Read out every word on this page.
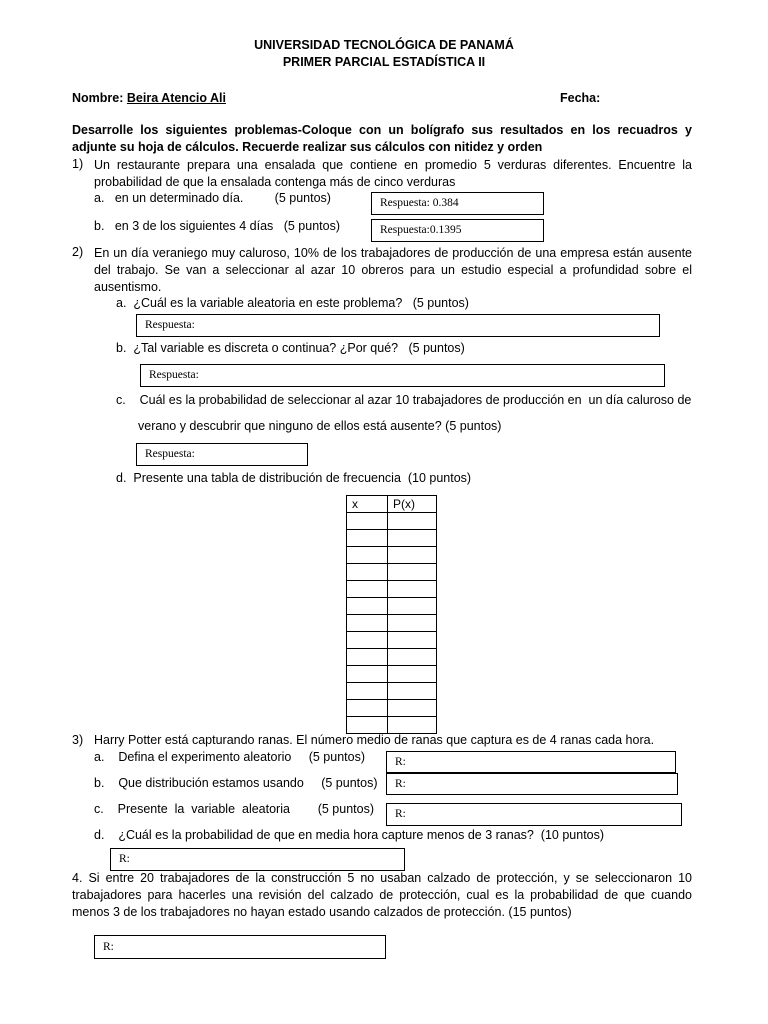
UNIVERSIDAD TECNOLÓGICA DE PANAMÁ
PRIMER PARCIAL ESTADÍSTICA II
Nombre: Beira Atencio Ali	Fecha:
Desarrolle los siguientes problemas-Coloque con un bolígrafo sus resultados en los recuadros y adjunte su hoja de cálculos. Recuerde realizar sus cálculos con nitidez y orden
1) Un restaurante prepara una ensalada que contiene en promedio 5 verduras diferentes. Encuentre la probabilidad de que la ensalada contenga más de cinco verduras
a.   en un determinado día.         (5 puntos)	Respuesta: 0.384
b.   en 3 de los siguientes 4 días   (5 puntos)	Respuesta:0.1395
2) En un día veraniego muy caluroso, 10% de los trabajadores de producción de una empresa están ausente del trabajo. Se van a seleccionar al azar 10 obreros para un estudio especial a profundidad sobre el ausentismo.
a.  ¿Cuál es la variable aleatoria en este problema?   (5 puntos)
Respuesta:
b.  ¿Tal variable es discreta o continua? ¿Por qué?   (5 puntos)
Respuesta:
c.    Cuál es la probabilidad de seleccionar al azar 10 trabajadores de producción en  un día caluroso de
verano y descubrir que ninguno de ellos está ausente? (5 puntos)
Respuesta:
d.  Presente una tabla de distribución de frecuencia  (10 puntos)
x	P(x)

3) Harry Potter está capturando ranas. El número medio de ranas que captura es de 4 ranas cada hora.
a.    Defina el experimento aleatorio     (5 puntos)	R:
b.    Que distribución estamos usando     (5 puntos)	R:
c.    Presente  la  variable  aleatoria        (5 puntos)	R:
d.    ¿Cuál es la probabilidad de que en media hora capture menos de 3 ranas?  (10 puntos)
R:
4. Si entre 20 trabajadores de la construcción 5 no usaban calzado de protección, y se seleccionaron 10 trabajadores para hacerles una revisión del calzado de protección, cual es la probabilidad de que cuando menos 3 de los trabajadores no hayan estado usando calzados de protección. (15 puntos)
R:
